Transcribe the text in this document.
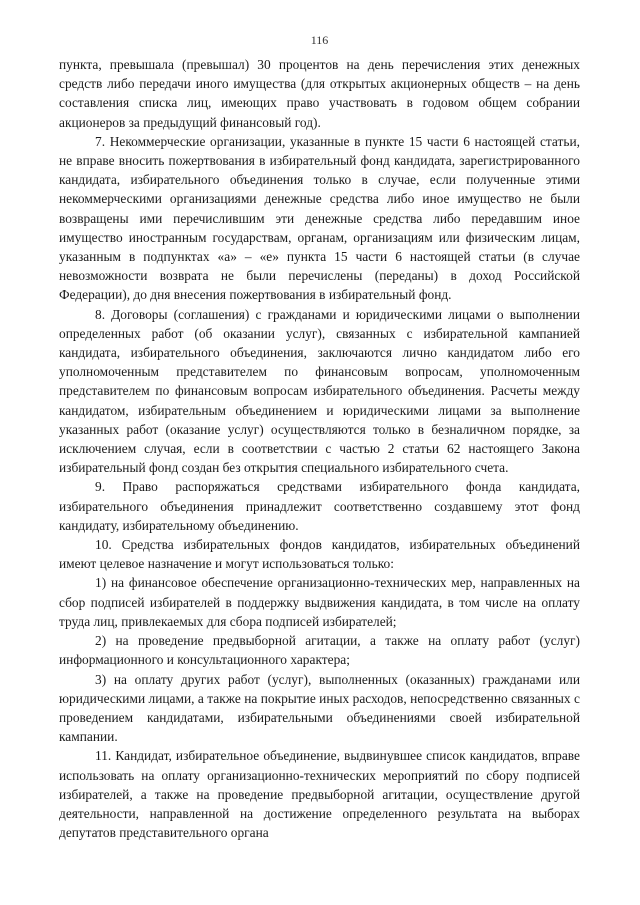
116

пункта, превышала (превышал) 30 процентов на день перечисления этих денежных средств либо передачи иного имущества (для открытых акционерных обществ – на день составления списка лиц, имеющих право участвовать в годовом общем собрании акционеров за предыдущий финансовый год).

7. Некоммерческие организации, указанные в пункте 15 части 6 настоящей статьи, не вправе вносить пожертвования в избирательный фонд кандидата, зарегистрированного кандидата, избирательного объединения только в случае, если полученные этими некоммерческими организациями денежные средства либо иное имущество не были возвращены ими перечислившим эти денежные средства либо передавшим иное имущество иностранным государствам, органам, организациям или физическим лицам, указанным в подпунктах «а» – «е» пункта 15 части 6 настоящей статьи (в случае невозможности возврата не были перечислены (переданы) в доход Российской Федерации), до дня внесения пожертвования в избирательный фонд.

8. Договоры (соглашения) с гражданами и юридическими лицами о выполнении определенных работ (об оказании услуг), связанных с избирательной кампанией кандидата, избирательного объединения, заключаются лично кандидатом либо его уполномоченным представителем по финансовым вопросам, уполномоченным представителем по финансовым вопросам избирательного объединения. Расчеты между кандидатом, избирательным объединением и юридическими лицами за выполнение указанных работ (оказание услуг) осуществляются только в безналичном порядке, за исключением случая, если в соответствии с частью 2 статьи 62 настоящего Закона избирательный фонд создан без открытия специального избирательного счета.

9. Право распоряжаться средствами избирательного фонда кандидата, избирательного объединения принадлежит соответственно создавшему этот фонд кандидату, избирательному объединению.

10. Средства избирательных фондов кандидатов, избирательных объединений имеют целевое назначение и могут использоваться только:

1) на финансовое обеспечение организационно-технических мер, направленных на сбор подписей избирателей в поддержку выдвижения кандидата, в том числе на оплату труда лиц, привлекаемых для сбора подписей избирателей;

2) на проведение предвыборной агитации, а также на оплату работ (услуг) информационного и консультационного характера;

3) на оплату других работ (услуг), выполненных (оказанных) гражданами или юридическими лицами, а также на покрытие иных расходов, непосредственно связанных с проведением кандидатами, избирательными объединениями своей избирательной кампании.

11. Кандидат, избирательное объединение, выдвинувшее список кандидатов, вправе использовать на оплату организационно-технических мероприятий по сбору подписей избирателей, а также на проведение предвыборной агитации, осуществление другой деятельности, направленной на достижение определенного результата на выборах депутатов представительного органа
